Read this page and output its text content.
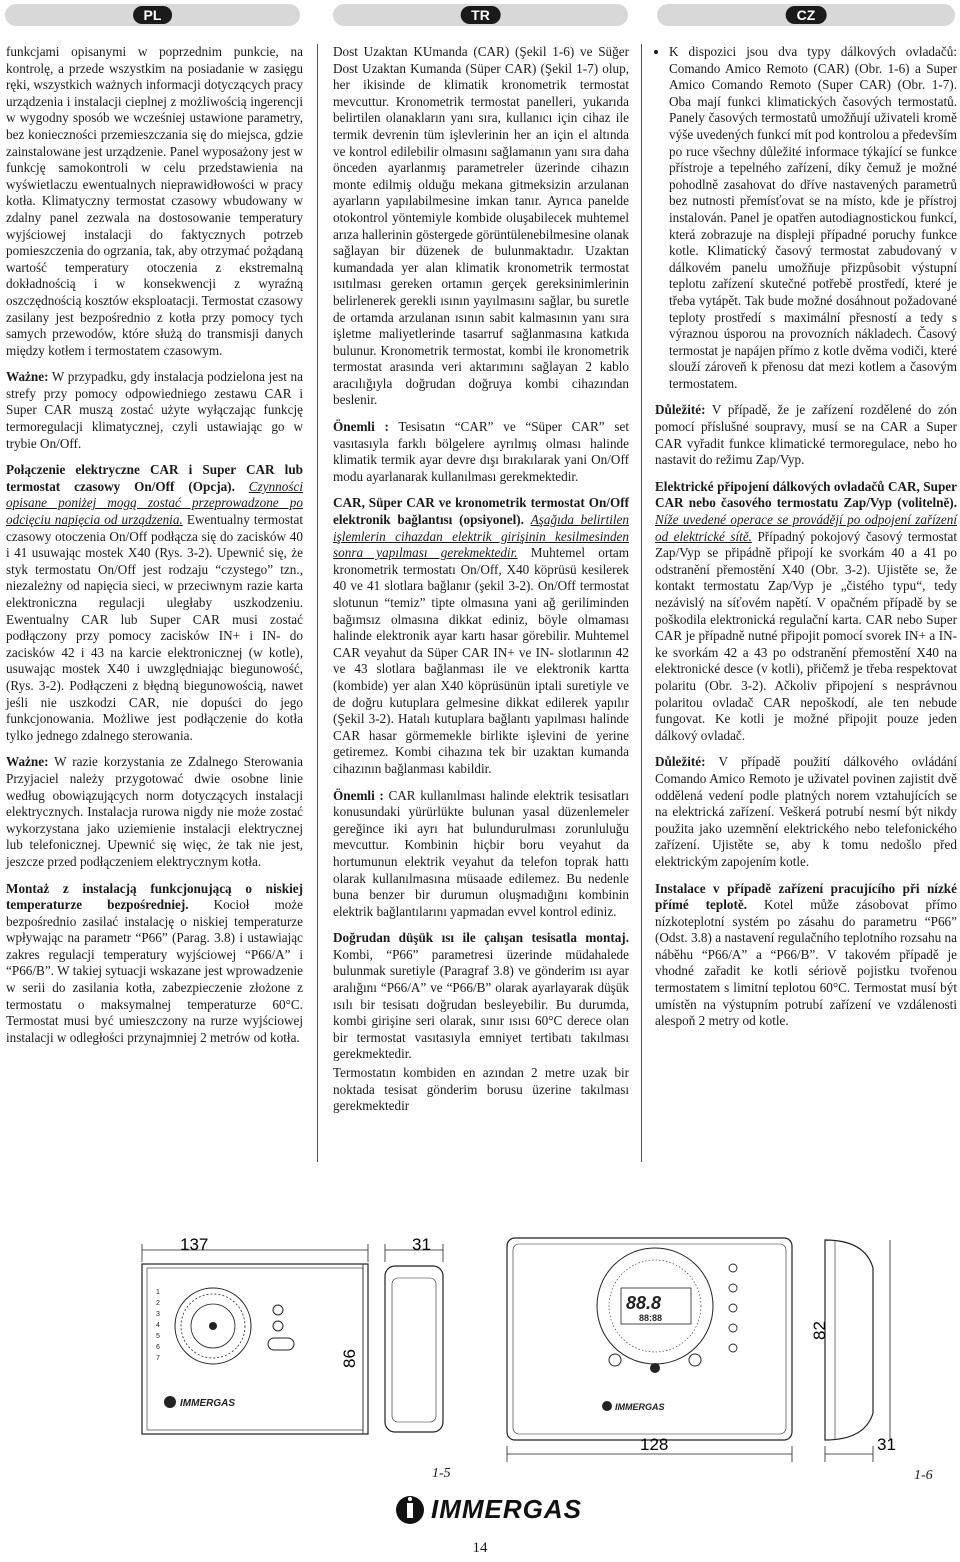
PL	TR	CZ

funkcjami opisanymi w poprzednim punkcie, na kontrolę, a przede wszystkim na posiadanie w zasięgu ręki, wszystkich ważnych informacji dotyczących pracy urządzenia i instalacji cieplnej z możliwością ingerencji w wygodny sposób we wcześniej ustawione parametry, bez konieczności przemieszczania się do miejsca, gdzie zainstalowane jest urządzenie. Panel wyposażony jest w funkcję samokontroli w celu przedstawienia na wyświetlaczu ewentualnych nieprawidłowości w pracy kotła. Klimatyczny termostat czasowy wbudowany w zdalny panel zezwala na dostosowanie temperatury wyjściowej instalacji do faktycznych potrzeb pomieszczenia do ogrzania, tak, aby otrzymać pożądaną wartość temperatury otoczenia z ekstremalną dokładnością i w konsekwencji z wyraźną oszczędnością kosztów eksploatacji. Termostat czasowy zasilany jest bezpośrednio z kotła przy pomocy tych samych przewodów, które służą do transmisji danych między kotłem i termostatem czasowym.

Ważne: W przypadku, gdy instalacja podzielona jest na strefy przy pomocy odpowiedniego zestawu CAR i Super CAR muszą zostać użyte wyłączając funkcję termoregulacji klimatycznej, czyli ustawiając go w trybie On/Off.

Połączenie elektryczne CAR i Super CAR lub termostat czasowy On/Off (Opcja). Czynności opisane poniżej mogą zostać przeprowadzone po odcięciu napięcia od urządzenia. Ewentualny termostat czasowy otoczenia On/Off podłącza się do zacisków 40 i 41 usuwając mostek X40 (Rys. 3-2). Upewnić się, że styk termostatu On/Off jest rodzaju “czystego” tzn., niezależny od napięcia sieci, w przeciwnym razie karta elektroniczna regulacji uległaby uszkodzeniu. Ewentualny CAR lub Super CAR musi zostać podłączony przy pomocy zacisków IN+ i IN- do zacisków 42 i 43 na karcie elektronicznej (w kotle), usuwając mostek X40 i uwzględniając biegunowość, (Rys. 3-2). Podłączeni z błędną biegunowością, nawet jeśli nie uszkodzi CAR, nie dopuści do jego funkcjonowania. Możliwe jest podłączenie do kotła tylko jednego zdalnego sterowania.

Ważne: W razie korzystania ze Zdalnego Sterowania Przyjaciel należy przygotować dwie osobne linie według obowiązujących norm dotyczących instalacji elektrycznych. Instalacja rurowa nigdy nie może zostać wykorzystana jako uziemienie instalacji elektrycznej lub telefonicznej. Upewnić się więc, że tak nie jest, jeszcze przed podłączeniem elektrycznym kotła.

Montaż z instalacją funkcjonującą o niskiej temperaturze bezpośredniej. Kocioł może bezpośrednio zasilać instalację o niskiej temperaturze wpływając na parametr “P66” (Parag. 3.8) i ustawiając zakres regulacji temperatury wyjściowej “P66/A” i “P66/B”. W takiej sytuacji wskazane jest wprowadzenie w serii do zasilania kotła, zabezpieczenie złożone z termostatu o maksymalnej temperaturze 60°C. Termostat musi być umieszczony na rurze wyjściowej instalacji w odległości przynajmniej 2 metrów od kotła.

Dost Uzaktan KUmanda (CAR) (Şekil 1-6) ve Süğer Dost Uzaktan Kumanda (Süper CAR) (Şekil 1-7) olup, her ikisinde de klimatik kronometrik termostat mevcuttur. Kronometrik termostat panelleri, yukarıda belirtilen olanakların yanı sıra, kullanıcı için cihaz ile termik devrenin tüm işlevlerinin her an için el altında ve kontrol edilebilir olmasını sağlamanın yanı sıra daha önceden ayarlanmış parametreler üzerinde cihazın monte edilmiş olduğu mekana gitmeksizin arzulanan ayarların yapılabilmesine imkan tanır. Ayrıca panelde otokontrol yöntemiyle kombide oluşabilecek muhtemel arıza hallerinin göstergede görüntülenebilmesine olanak sağlayan bir düzenek de bulunmaktadır. Uzaktan kumandada yer alan klimatik kronometrik termostat ısıtılması gereken ortamın gerçek gereksinimlerinin belirlenerek gerekli ısının yayılmasını sağlar, bu suretle de ortamda arzulanan ısının sabit kalmasının yanı sıra işletme maliyetlerinde tasarruf sağlanmasına katkıda bulunur. Kronometrik termostat, kombi ile kronometrik termostat arasında veri aktarımını sağlayan 2 kablo aracılığıyla doğrudan doğruya kombi cihazından beslenir.

Önemli : Tesisatın “CAR” ve “Süper CAR” set vasıtasıyla farklı bölgelere ayrılmış olması halinde klimatik termik ayar devre dışı bırakılarak yani On/Off modu ayarlanarak kullanılması gerekmektedir.

CAR, Süper CAR ve kronometrik termostat On/Off elektronik bağlantısı (opsiyonel). Aşağıda belirtilen işlemlerin cihazdan elektrik girişinin kesilmesinden sonra yapılması gerekmektedir. Muhtemel ortam kronometrik termostatı On/Off, X40 köprüsü kesilerek 40 ve 41 slotlara bağlanır (şekil 3-2). On/Off termostat slotunun “temiz” tipte olmasına yani ağ geriliminden bağımsız olmasına dikkat ediniz, böyle olmaması halinde elektronik ayar kartı hasar görebilir. Muhtemel CAR veyahut da Süper CAR IN+ ve IN- slotlarının 42 ve 43 slotlara bağlanması ile ve elektronik kartta (kombide) yer alan X40 köprüsünün iptali suretiyle ve de doğru kutuplara gelmesine dikkat edilerek yapılır (Şekil 3-2). Hatalı kutuplara bağlantı yapılması halinde CAR hasar görmemekle birlikte işlevini de yerine getiremez. Kombi cihazına tek bir uzaktan kumanda cihazının bağlanması kabildir.

Önemli : CAR kullanılması halinde elektrik tesisatları konusundaki yürürlükte bulunan yasal düzenlemeler gereğince iki ayrı hat bulundurulması zorunluluğu mevcuttur. Kombinin hiçbir boru veyahut da hortumunun elektrik veyahut da telefon toprak hattı olarak kullanılmasına müsaade edilemez. Bu nedenle buna benzer bir durumun oluşmadığını kombinin elektrik bağlantılarını yapmadan evvel kontrol ediniz.

Doğrudan düşük ısı ile çalışan tesisatla montaj. Kombi, “P66” parametresi üzerinde müdahalede bulunmak suretiyle (Paragraf 3.8) ve gönderim ısı ayar aralığını “P66/A” ve “P66/B” olarak ayarlayarak düşük ısılı bir tesisatı doğrudan besleyebilir. Bu durumda, kombi girişine seri olarak, sınır ısısı 60°C derece olan bir termostat vasıtasıyla emniyet tertibatı takılması gerekmektedir.

Termostatın kombiden en azından 2 metre uzak bir noktada tesisat gönderim borusu üzerine takılması gerekmektedir

• K dispozici jsou dva typy dálkových ovladačů: Comando Amico Remoto (CAR) (Obr. 1-6) a Super Amico Comando Remoto (Super CAR) (Obr. 1-7). Oba mají funkci klimatických časových termostatů. Panely časových termostatů umožňují uživateli kromě výše uvedených funkcí mít pod kontrolou a především po ruce všechny důležité informace týkající se funkce přístroje a tepelného zařízení, díky čemuž je možné pohodlně zasahovat do dříve nastavených parametrů bez nutnosti přemísťovat se na místo, kde je přístroj instalován. Panel je opatřen autodiagnostickou funkcí, která zobrazuje na displeji případné poruchy funkce kotle. Klimatický časový termostat zabudovaný v dálkovém panelu umožňuje přizpůsobit výstupní teplotu zařízení skutečné potřebě prostředí, které je třeba vytápět. Tak bude možné dosáhnout požadované teploty prostředí s maximální přesností a tedy s výraznou úsporou na provozních nákladech. Časový termostat je napájen přímo z kotle dvěma vodiči, které slouží zároveň k přenosu dat mezi kotlem a časovým termostatem.

Důležité: V případě, že je zařízení rozdělené do zón pomocí příslušné soupravy, musí se na CAR a Super CAR vyřadit funkce klimatické termoregulace, nebo ho nastavit do režimu Zap/Vyp.

Elektrické připojení dálkových ovladačů CAR, Super CAR nebo časového termostatu Zap/Vyp (volitelně). Níže uvedené operace se provádějí po odpojení zařízení od elektrické sítě. Případný pokojový časový termostat Zap/Vyp se připádně připojí ke svorkám 40 a 41 po odstranění přemostění X40 (Obr. 3-2). Ujistěte se, že kontakt termostatu Zap/Vyp je „čistého typu“, tedy nezávislý na síťovém napětí. V opačném případě by se poškodila elektronická regulační karta. CAR nebo Super CAR je případně nutné připojit pomocí svorek IN+ a IN- ke svorkám 42 a 43 po odstranění přemostění X40 na elektronické desce (v kotli), přičemž je třeba respektovat polaritu (Obr. 3-2). Ačkoliv připojení s nesprávnou polaritou ovladač CAR nepoškodí, ale ten nebude fungovat. Ke kotli je možné připojit pouze jeden dálkový ovladač.

Důležité: V případě použití dálkového ovládání Comando Amico Remoto je uživatel povinen zajistit dvě oddělená vedení podle platných norem vztahujících se na elektrická zařízení. Veškerá potrubí nesmí být nikdy použita jako uzemnění elektrického nebo telefonického zařízení. Ujistěte se, aby k tomu nedošlo před elektrickým zapojením kotle.

Instalace v případě zařízení pracujícího při nízké přímé teplotě. Kotel může zásobovat přímo nízkoteplotní systém po zásahu do parametru “P66” (Odst. 3.8) a nastavení regulačního teplotního rozsahu na náběhu “P66/A” a “P66/B”. V takovém případě je vhodné zařadit ke kotli sériově pojistku tvořenou termostatem s limitní teplotou 60°C. Termostat musí být umístěn na výstupním potrubí zařízení ve vzdálenosti alespoň 2 metry od kotle.

137	31
86
1
2
3
4
5
6
7
IMMERGAS
1-5
88.8
88:88
IMMERGAS
128	31
82
1-6
IMMERGAS
14
